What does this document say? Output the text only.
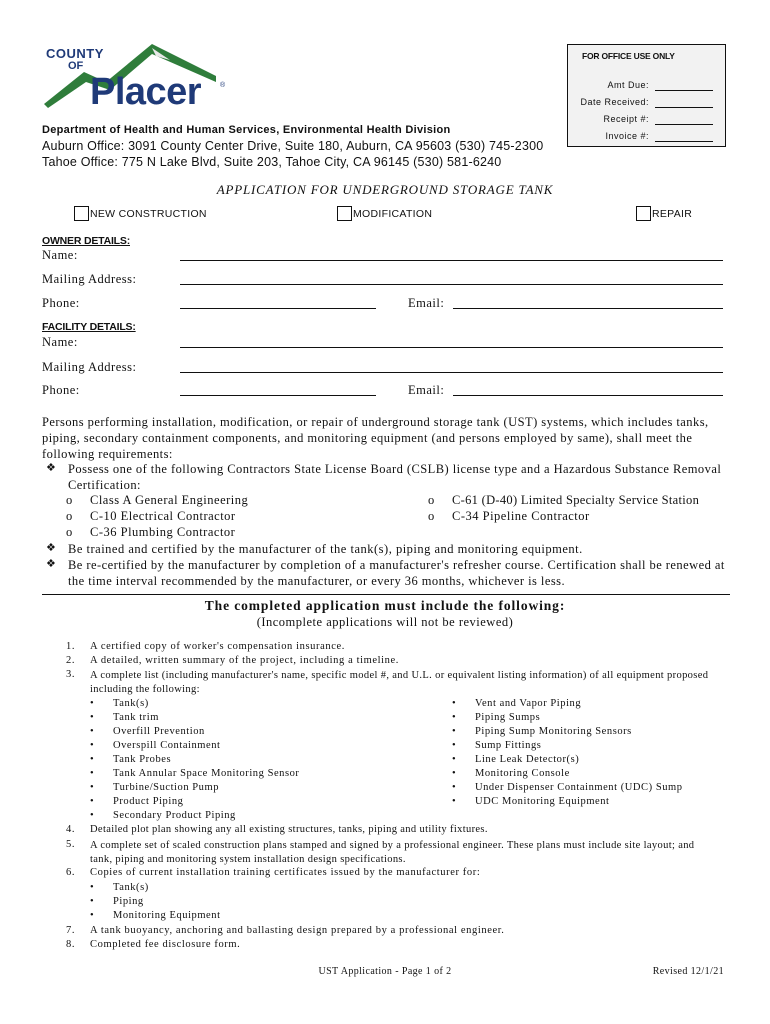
COUNTY
OF
Placer	®
FOR OFFICE USE ONLY
Amt Due:
Date Received:
Receipt #:
Invoice #:
Department of Health and Human Services, Environmental Health Division
Auburn Office: 3091 County Center Drive, Suite 180, Auburn, CA 95603 (530) 745-2300
Tahoe Office: 775 N Lake Blvd, Suite 203, Tahoe City, CA 96145 (530) 581-6240
APPLICATION FOR UNDERGROUND STORAGE TANK
NEW CONSTRUCTION	MODIFICATION	REPAIR
OWNER DETAILS:
Name:
Mailing Address:
Phone:	Email:
FACILITY DETAILS:
Name:
Mailing Address:
Phone:	Email:
Persons performing installation, modification, or repair of underground storage tank (UST) systems, which includes tanks, piping, secondary containment components, and monitoring equipment (and persons employed by same), shall meet the following requirements:
❖ Possess one of the following Contractors State License Board (CSLB) license type and a Hazardous Substance Removal Certification:
o Class A General Engineering
o C-10 Electrical Contractor
o C-36 Plumbing Contractor
o C-61 (D-40) Limited Specialty Service Station
o C-34 Pipeline Contractor
❖ Be trained and certified by the manufacturer of the tank(s), piping and monitoring equipment.
❖ Be re-certified by the manufacturer by completion of a manufacturer's refresher course. Certification shall be renewed at the time interval recommended by the manufacturer, or every 36 months, whichever is less.
The completed application must include the following:
(Incomplete applications will not be reviewed)
1. A certified copy of worker's compensation insurance.
2. A detailed, written summary of the project, including a timeline.
3. A complete list (including manufacturer's name, specific model #, and U.L. or equivalent listing information) of all equipment proposed including the following:
• Tank(s)
• Tank trim
• Overfill Prevention
• Overspill Containment
• Tank Probes
• Tank Annular Space Monitoring Sensor
• Turbine/Suction Pump
• Product Piping
• Secondary Product Piping
• Vent and Vapor Piping
• Piping Sumps
• Piping Sump Monitoring Sensors
• Sump Fittings
• Line Leak Detector(s)
• Monitoring Console
• Under Dispenser Containment (UDC) Sump
• UDC Monitoring Equipment
4. Detailed plot plan showing any all existing structures, tanks, piping and utility fixtures.
5. A complete set of scaled construction plans stamped and signed by a professional engineer. These plans must include site layout; and tank, piping and monitoring system installation design specifications.
6. Copies of current installation training certificates issued by the manufacturer for:
• Tank(s)
• Piping
• Monitoring Equipment
7. A tank buoyancy, anchoring and ballasting design prepared by a professional engineer.
8. Completed fee disclosure form.
UST Application - Page 1 of 2	Revised 12/1/21
